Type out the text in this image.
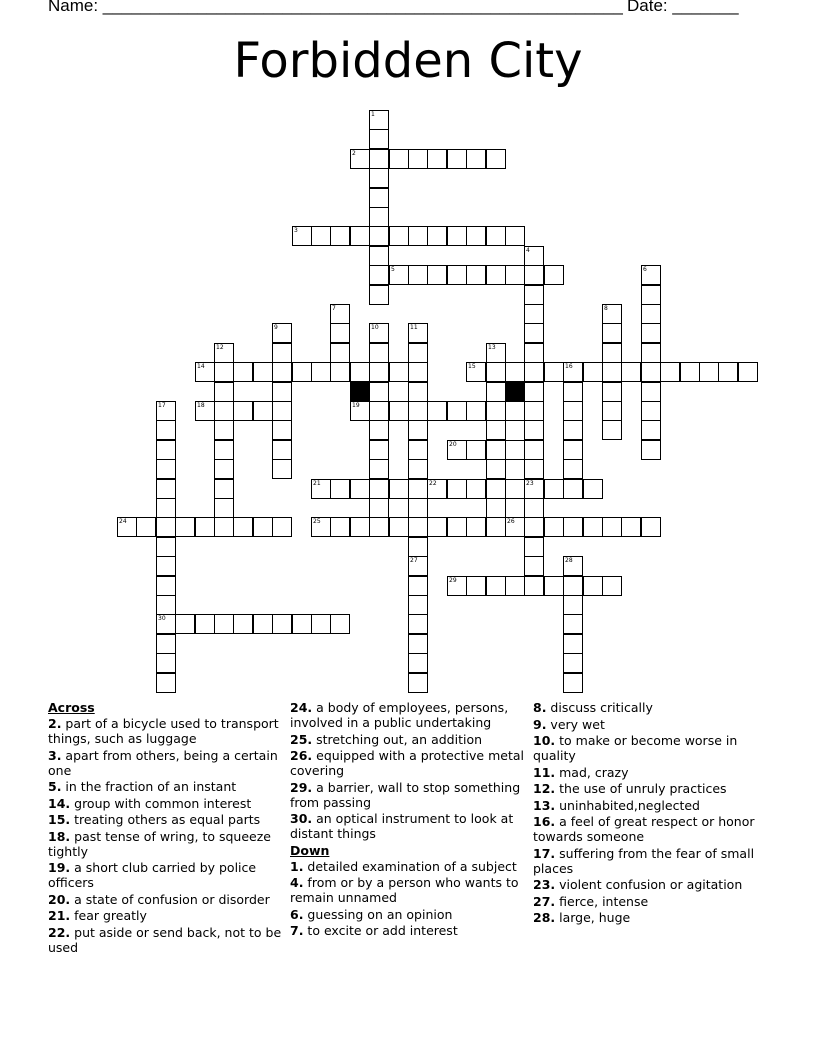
Name: _______________________________________________________ Date: _______
Forbidden City
1
2
3
4
23
5	6
7	8
9	10	11
27
12	13
14	15	16
17
30
18	19
20
21	22
24	25	26
28
29
Across
2. part of a bicycle used to transport things, such as luggage
3. apart from others, being a certain one
5. in the fraction of an instant
14. group with common interest
15. treating others as equal parts
18. past tense of wring, to squeeze tightly
19. a short club carried by police officers
20. a state of confusion or disorder
21. fear greatly
22. put aside or send back, not to be used
24. a body of employees, persons, involved in a public undertaking
25. stretching out, an addition
26. equipped with a protective metal covering
29. a barrier, wall to stop something from passing
30. an optical instrument to look at distant things
Down
1. detailed examination of a subject
4. from or by a person who wants to remain unnamed
6. guessing on an opinion
7. to excite or add interest
8. discuss critically
9. very wet
10. to make or become worse in quality
11. mad, crazy
12. the use of unruly practices
13. uninhabited,neglected
16. a feel of great respect or honor towards someone
17. suffering from the fear of small places
23. violent confusion or agitation
27. fierce, intense
28. large, huge
